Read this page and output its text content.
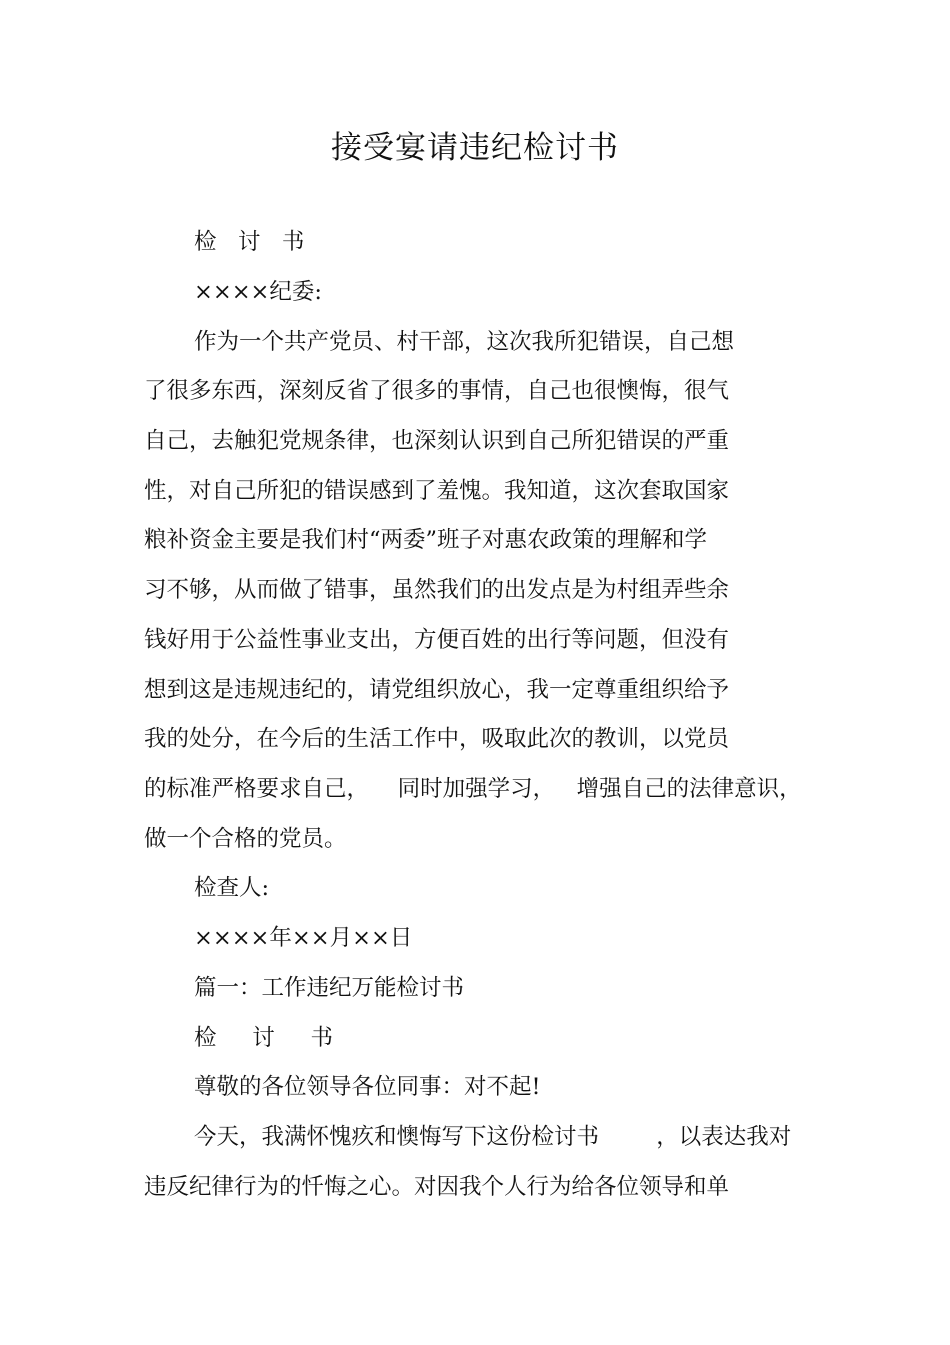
接受宴请违纪检讨书
检   讨   书
××××纪委:
作为一个共产党员、村干部，这次我所犯错误，自己想
了很多东西，深刻反省了很多的事情，自己也很懊悔，很气
自己，去触犯党规条律，也深刻认识到自己所犯错误的严重
性，对自己所犯的错误感到了羞愧。我知道，这次套取国家
粮补资金主要是我们村“两委”班子对惠农政策的理解和学
习不够，从而做了错事，虽然我们的出发点是为村组弄些余
钱好用于公益性事业支出，方便百姓的出行等问题，但没有
想到这是违规违纪的，请党组织放心，我一定尊重组织给予
我的处分，在今后的生活工作中，吸取此次的教训，以党员
的标准严格要求自己，    同时加强学习，   增强自己的法律意识，
做一个合格的党员。
检查人:
××××年××月××日
篇一：工作违纪万能检讨书
检     讨     书
尊敬的各位领导各位同事：对不起!
今天，我满怀愧疚和懊悔写下这份检讨书        ，以表达我对
违反纪律行为的忏悔之心。对因我个人行为给各位领导和单
